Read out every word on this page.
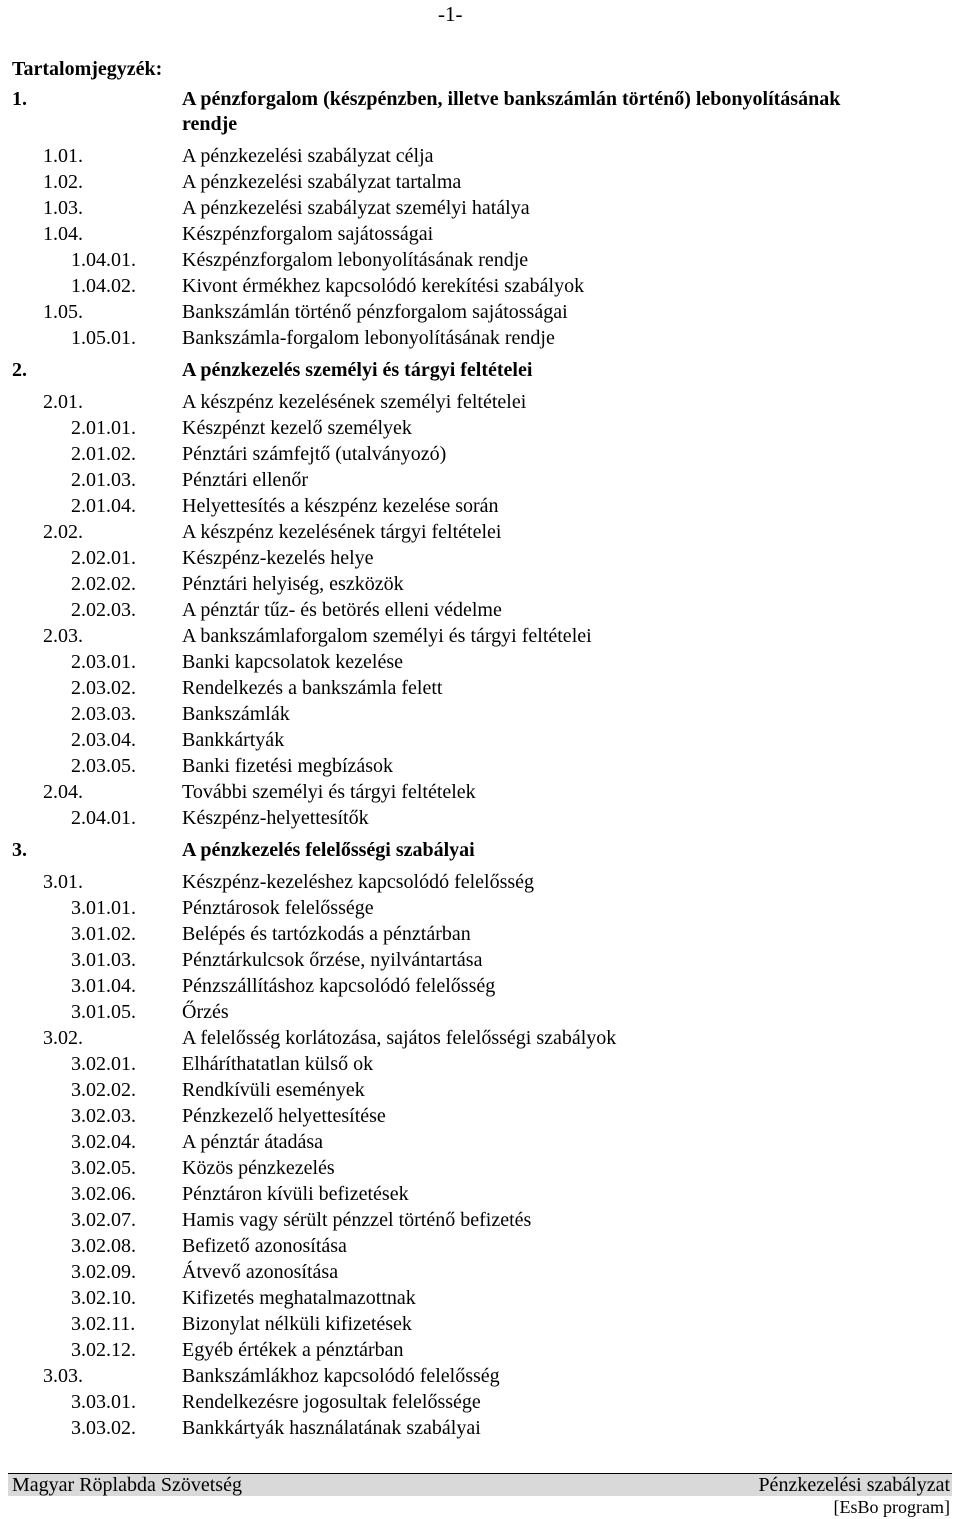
-1-
Tartalomjegyzék:
1.	A pénzforgalom (készpénzben, illetve bankszámlán történő) lebonyolításának
rendje
1.01.	A pénzkezelési szabályzat célja
1.02.	A pénzkezelési szabályzat tartalma
1.03.	A pénzkezelési szabályzat személyi hatálya
1.04.	Készpénzforgalom sajátosságai
1.04.01. Készpénzforgalom lebonyolításának rendje
1.04.02. Kivont érmékhez kapcsolódó kerekítési szabályok
1.05.	Bankszámlán történő pénzforgalom sajátosságai
1.05.01. Bankszámla-forgalom lebonyolításának rendje
2.	A pénzkezelés személyi és tárgyi feltételei
2.01.	A készpénz kezelésének személyi feltételei
2.01.01. Készpénzt kezelő személyek
2.01.02. Pénztári számfejtő (utalványozó)
2.01.03. Pénztári ellenőr
2.01.04. Helyettesítés a készpénz kezelése során
2.02.	A készpénz kezelésének tárgyi feltételei
2.02.01. Készpénz-kezelés helye
2.02.02. Pénztári helyiség, eszközök
2.02.03. A pénztár tűz- és betörés elleni védelme
2.03.	A bankszámlaforgalom személyi és tárgyi feltételei
2.03.01. Banki kapcsolatok kezelése
2.03.02. Rendelkezés a bankszámla felett
2.03.03. Bankszámlák
2.03.04. Bankkártyák
2.03.05. Banki fizetési megbízások
2.04.	További személyi és tárgyi feltételek
2.04.01. Készpénz-helyettesítők
3.	A pénzkezelés felelősségi szabályai
3.01.	Készpénz-kezeléshez kapcsolódó felelősség
3.01.01. Pénztárosok felelőssége
3.01.02. Belépés és tartózkodás a pénztárban
3.01.03. Pénztárkulcsok őrzése, nyilvántartása
3.01.04. Pénzszállításhoz kapcsolódó felelősség
3.01.05. Őrzés
3.02.	A felelősség korlátozása, sajátos felelősségi szabályok
3.02.01. Elháríthatatlan külső ok
3.02.02. Rendkívüli események
3.02.03. Pénzkezelő helyettesítése
3.02.04. A pénztár átadása
3.02.05. Közös pénzkezelés
3.02.06. Pénztáron kívüli befizetések
3.02.07. Hamis vagy sérült pénzzel történő befizetés
3.02.08. Befizető azonosítása
3.02.09. Átvevő azonosítása
3.02.10. Kifizetés meghatalmazottnak
3.02.11. Bizonylat nélküli kifizetések
3.02.12. Egyéb értékek a pénztárban
3.03.	Bankszámlákhoz kapcsolódó felelősség
3.03.01. Rendelkezésre jogosultak felelőssége
3.03.02. Bankkártyák használatának szabályai
Magyar Röplabda Szövetség	Pénzkezelési szabályzat
[EsBo program]
